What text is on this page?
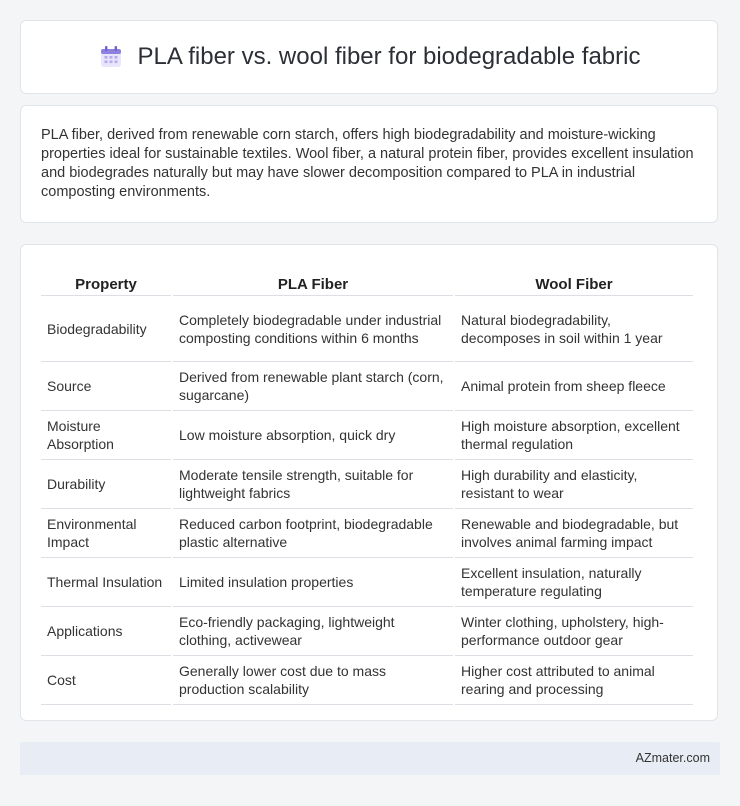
PLA fiber vs. wool fiber for biodegradable fabric

PLA fiber, derived from renewable corn starch, offers high biodegradability and moisture-wicking properties ideal for sustainable textiles. Wool fiber, a natural protein fiber, provides excellent insulation and biodegrades naturally but may have slower decomposition compared to PLA in industrial composting environments.

Property	PLA Fiber	Wool Fiber
Biodegradability	Completely biodegradable under industrial composting conditions within 6 months	Natural biodegradability, decomposes in soil within 1 year
Source	Derived from renewable plant starch (corn, sugarcane)	Animal protein from sheep fleece
Moisture Absorption	Low moisture absorption, quick dry	High moisture absorption, excellent thermal regulation
Durability	Moderate tensile strength, suitable for lightweight fabrics	High durability and elasticity, resistant to wear
Environmental Impact	Reduced carbon footprint, biodegradable plastic alternative	Renewable and biodegradable, but involves animal farming impact
Thermal Insulation	Limited insulation properties	Excellent insulation, naturally temperature regulating
Applications	Eco-friendly packaging, lightweight clothing, activewear	Winter clothing, upholstery, high-performance outdoor gear
Cost	Generally lower cost due to mass production scalability	Higher cost attributed to animal rearing and processing
AZmater.com
